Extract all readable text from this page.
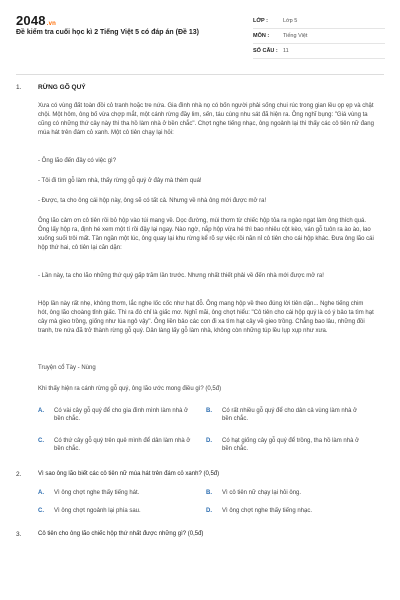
2048.vn
Đề kiểm tra cuối học kì 2 Tiếng Việt 5 có đáp án (Đề 13)
LỚP :	Lớp 5
MÔN :	Tiếng Việt
SỐ CÂU : 11
1.	RỪNG GÕ QUÝ

Xưa có vùng đất toàn đồi cỏ tranh hoặc tre nứa. Gia đình nhà nọ có bốn người phải sống chui rúc trong gian lều ọp ẹp và chật chội. Một hôm, ông bố vừa chợp mắt, một cánh rừng đầy lim, sến, táu cùng nhu sát đã hiện ra. Ông nghĩ bụng: "Giá vùng ta cũng có những thứ cây này thì tha hồ làm nhà ở bền chắc". Chợt nghe tiếng nhạc, ông ngoảnh lại thì thấy các cô tiên nữ đang múa hát trên đám cỏ xanh. Một cô tiên chạy lại hỏi:

- Ông lão đến đây có việc gì?

- Tôi đi tìm gỗ làm nhà, thấy rừng gỗ quý ở đây mà thèm quá!

- Được, ta cho ông cái hộp này, ông sẽ có tất cả. Nhưng về nhà ông mới được mở ra!

Ông lão cảm ơn cô tiên rồi bỏ hộp vào túi mang về. Dọc đường, mùi thơm từ chiếc hộp tỏa ra ngào ngạt làm ông thích quá. Ông lấy hộp ra, định hé xem một tí rồi đậy lại ngay. Nào ngờ, nắp hộp vừa hé thì bao nhiêu cột kèo, ván gỗ tuôn ra ào ào, lao xuống suối trôi mất. Tần ngần một lúc, ông quay lại khu rừng kể rõ sự việc rồi năn nỉ cô tiên cho cái hộp khác. Đưa ông lão cái hộp thứ hai, cô tiên lại căn dặn:

- Lần này, ta cho lão những thứ quý gấp trăm lần trước. Nhưng nhất thiết phải về đến nhà mới được mở ra!

Hộp lần này rất nhẹ, không thơm, lắc nghe lốc cốc như hạt đỗ. Ông mang hộp về theo đúng lời tiên dặn... Nghe tiếng chim hót, ông lão choàng tỉnh giấc. Thì ra đó chỉ là giấc mơ. Nghĩ mãi, ông chợt hiểu: "Cô tiên cho cái hộp quý là có ý bảo ta tìm hạt cây mà gieo trồng, giống như lúa ngô vậy". Ông liền bảo các con đi xa tìm hạt cây về gieo trồng. Chẳng bao lâu, những đồi tranh, tre nứa đã trở thành rừng gỗ quý. Dân làng lấy gỗ làm nhà, không còn những túp lều lụp xụp như xưa.

Truyện cổ Tày - Nùng

Khi thấy hiện ra cánh rừng gỗ quý, ông lão ước mong điều gì? (0,5đ)

A.	Có vài cây gỗ quý để cho gia đình mình làm nhà ở bền chắc.
B.	Có rất nhiều gỗ quý để cho dân cả vùng làm nhà ở bền chắc.
C.	Có thứ cây gỗ quý trên quê mình để dân làm nhà ở bền chắc.
D.	Có hạt giống cây gỗ quý để trồng, tha hồ làm nhà ở bền chắc.
2.	Vì sao ông lão biết các cô tiên nữ múa hát trên đám cỏ xanh? (0,5đ)
A.	Vì ông chợt nghe thấy tiếng hát.	B.	Vì cô tiên nữ chạy lại hỏi ông.
C.	Vì ông chợt ngoảnh lại phía sau.	D.	Vì ông chợt nghe thấy tiếng nhạc.
3.	Cô tiên cho ông lão chiếc hộp thứ nhất được những gì? (0,5đ)
